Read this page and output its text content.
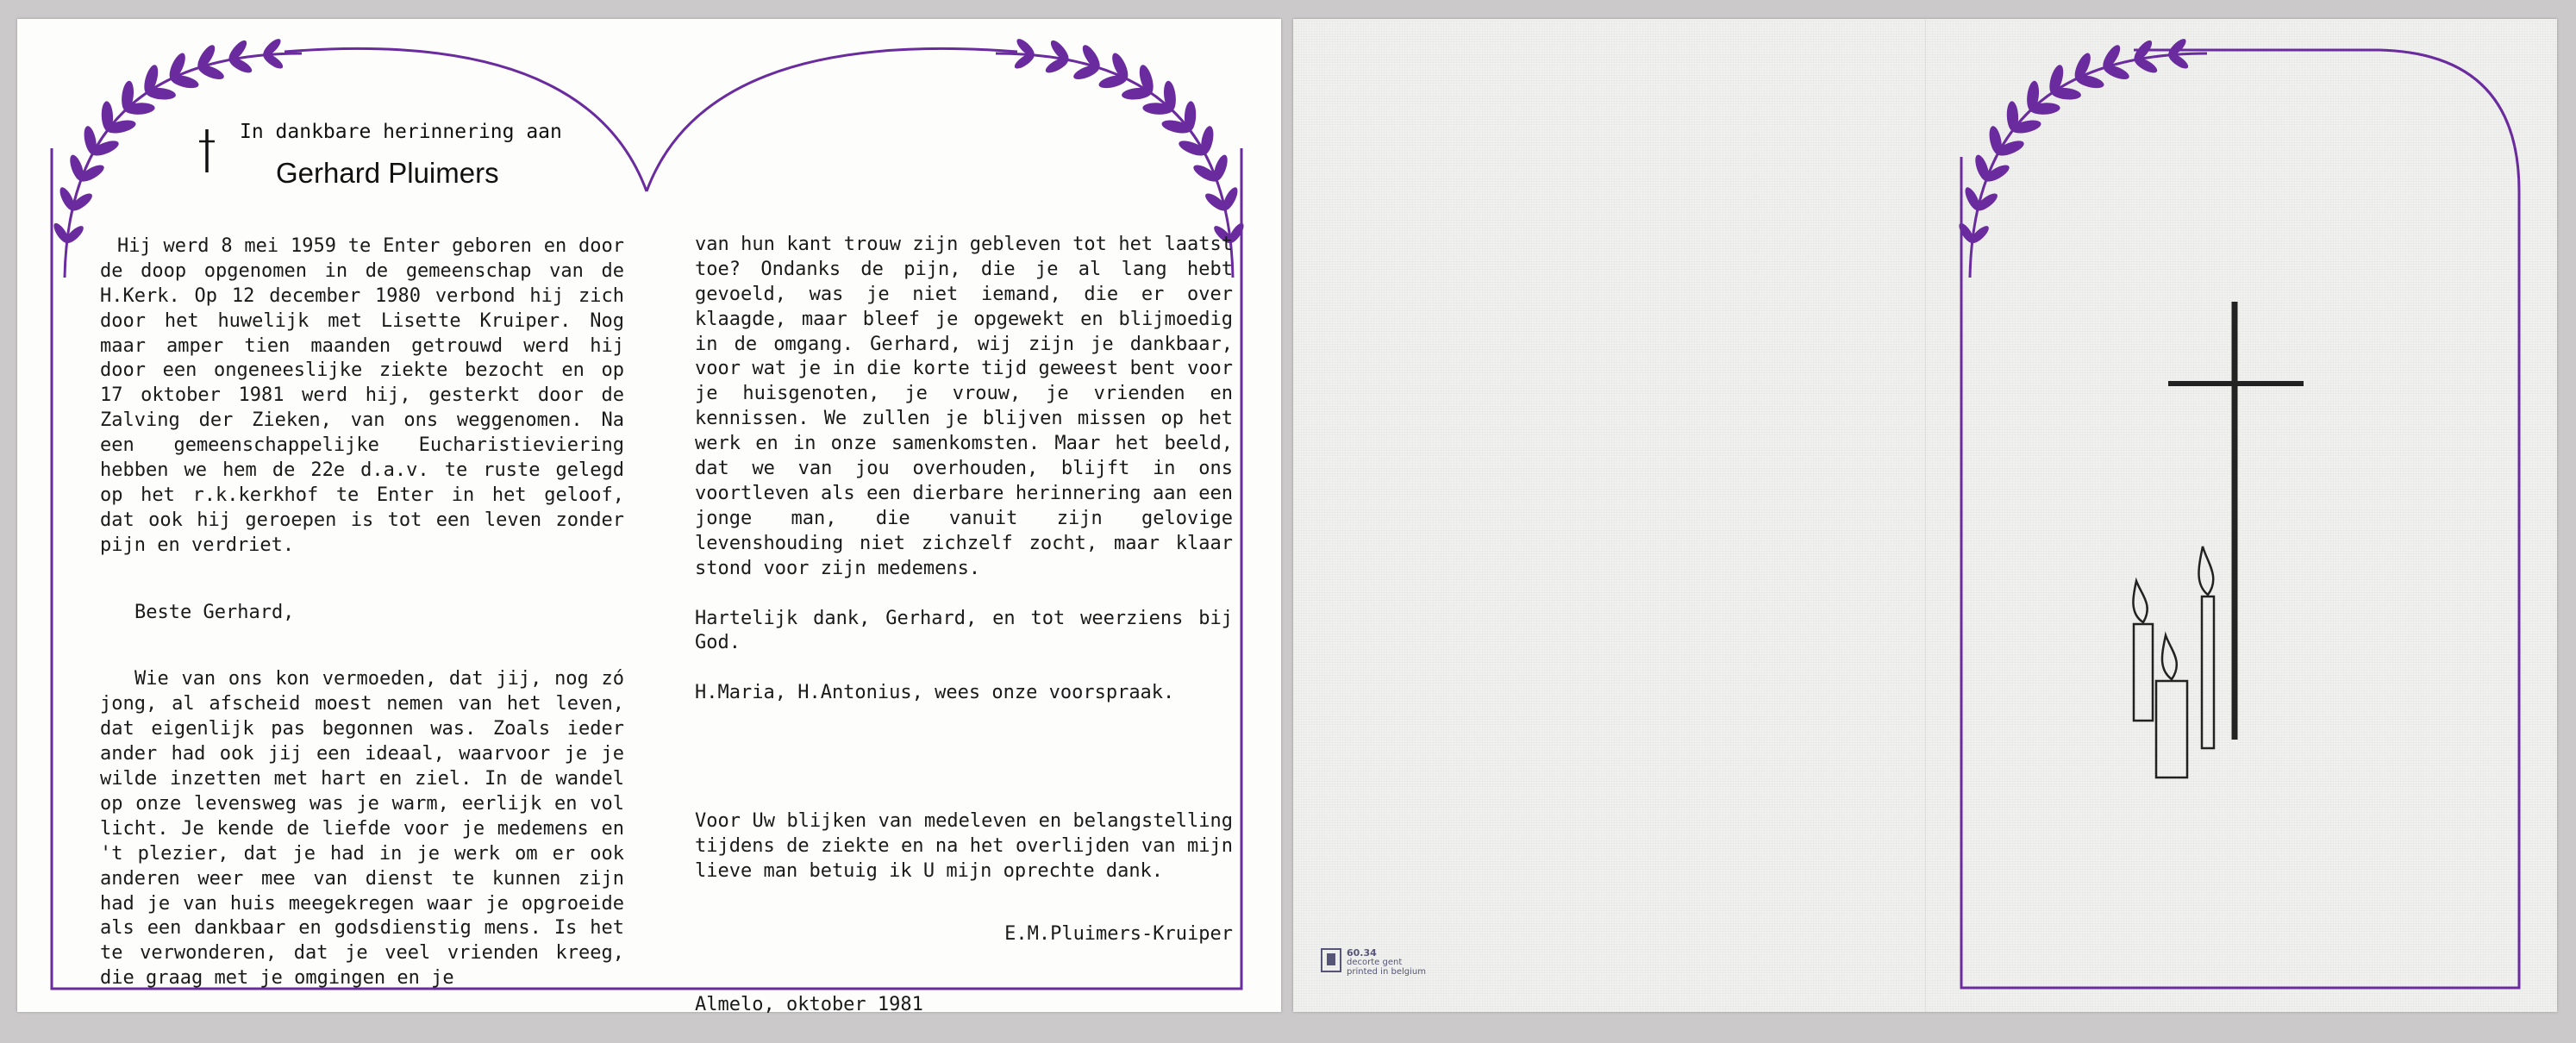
In dankbare herinnering aan
Gerhard Pluimers

Hij werd 8 mei 1959 te Enter geboren en door de doop opgenomen in de gemeenschap van de H.Kerk. Op 12 december 1980 verbond hij zich door het huwelijk met Lisette Kruiper. Nog maar amper tien maanden getrouwd werd hij door een ongeneeslijke ziekte bezocht en op 17 oktober 1981 werd hij, gesterkt door de Zalving der Zieken, van ons weggenomen. Na een gemeenschappelijke Eucharistieviering hebben we hem de 22e d.a.v. te ruste gelegd op het r.k.kerkhof te Enter in het geloof, dat ook hij geroepen is tot een leven zonder pijn en verdriet.

Beste Gerhard,

Wie van ons kon vermoeden, dat jij, nog zó jong, al afscheid moest nemen van het leven, dat eigenlijk pas begonnen was. Zoals ieder ander had ook jij een ideaal, waarvoor je je wilde inzetten met hart en ziel. In de wandel op onze levensweg was je warm, eerlijk en vol licht. Je kende de liefde voor je medemens en 't plezier, dat je had in je werk om er ook anderen weer mee van dienst te kunnen zijn had je van huis meegekregen waar je opgroeide als een dankbaar en godsdienstig mens. Is het te verwonderen, dat je veel vrienden kreeg, die graag met je omgingen en je

van hun kant trouw zijn gebleven tot het laatst toe? Ondanks de pijn, die je al lang hebt gevoeld, was je niet iemand, die er over klaagde, maar bleef je opgewekt en blijmoedig in de omgang. Gerhard, wij zijn je dankbaar, voor wat je in die korte tijd geweest bent voor je huisgenoten, je vrouw, je vrienden en kennissen. We zullen je blijven missen op het werk en in onze samenkomsten. Maar het beeld, dat we van jou overhouden, blijft in ons voortleven als een dierbare herinnering aan een jonge man, die vanuit zijn gelovige levenshouding niet zichzelf zocht, maar klaar stond voor zijn medemens.

Hartelijk dank, Gerhard, en tot weerziens bij God.

H.Maria, H.Antonius, wees onze voorspraak.

Voor Uw blijken van medeleven en belangstelling tijdens de ziekte en na het overlijden van mijn lieve man betuig ik U mijn oprechte dank.

E.M.Pluimers-Kruiper

Almelo, oktober 1981

60.34
decorte gent
printed in belgium
